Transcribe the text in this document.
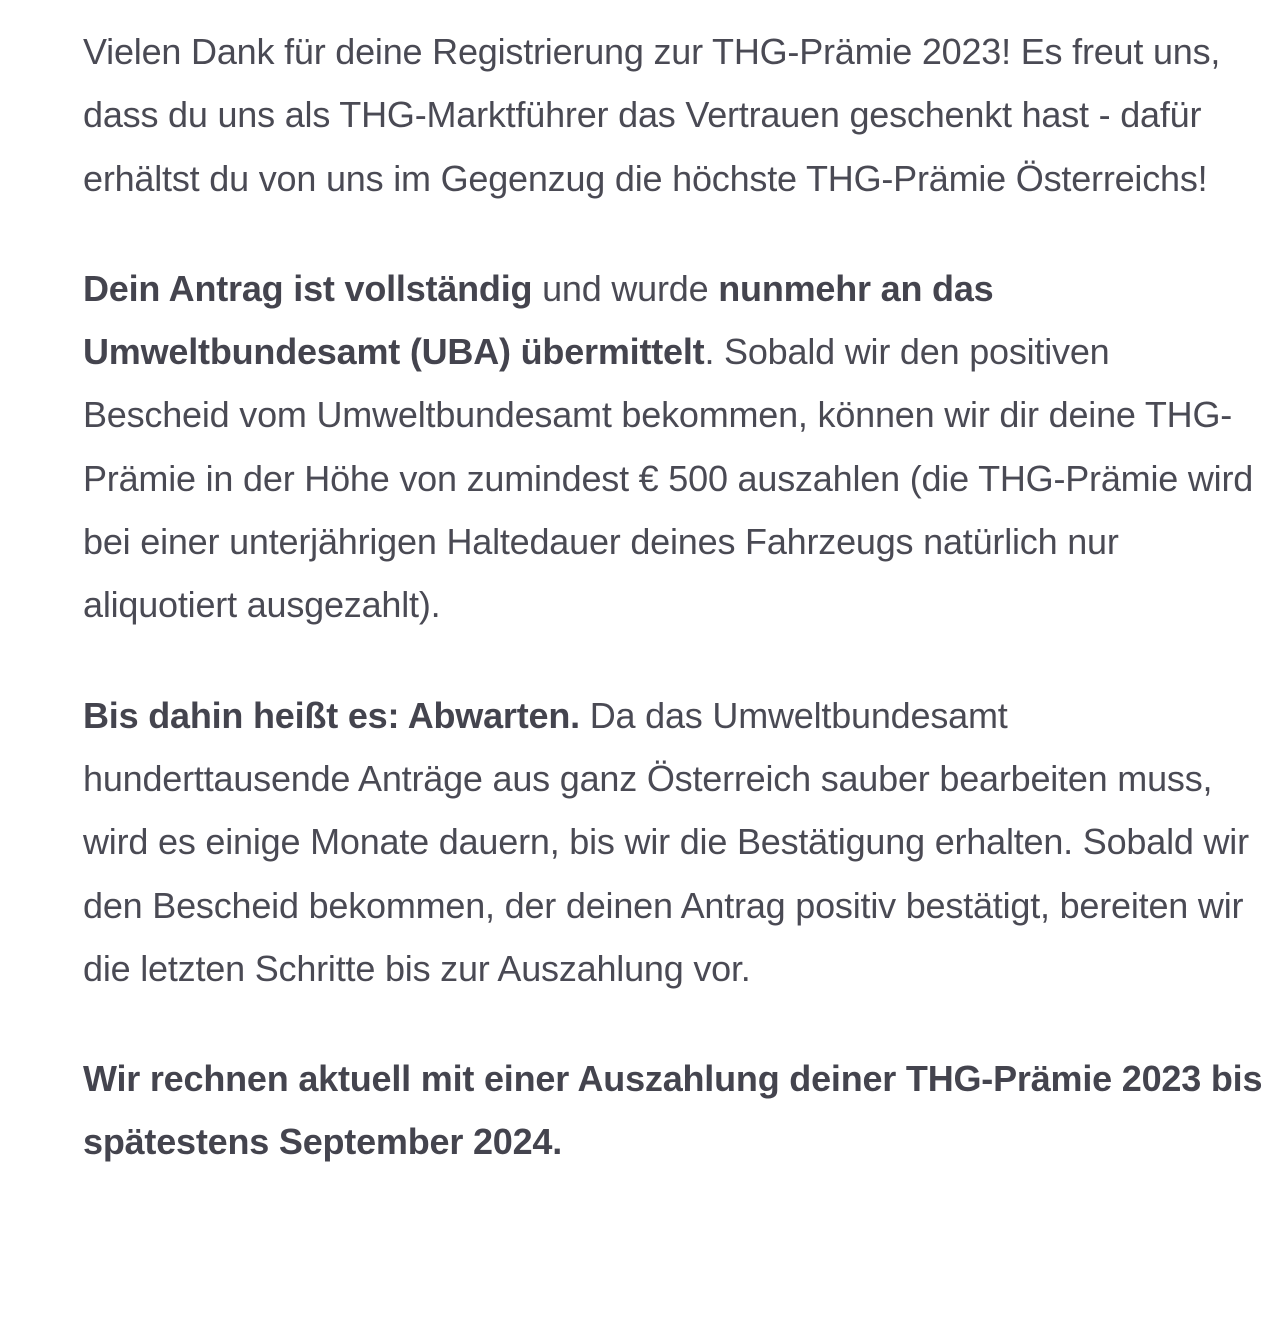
Vielen Dank für deine Registrierung zur THG-Prämie 2023! Es freut uns, dass du uns als THG-Marktführer das Vertrauen geschenkt hast - dafür erhältst du von uns im Gegenzug die höchste THG-Prämie Österreichs!

Dein Antrag ist vollständig und wurde nunmehr an das Umweltbundesamt (UBA) übermittelt. Sobald wir den positiven Bescheid vom Umweltbundesamt bekommen, können wir dir deine THG-Prämie in der Höhe von zumindest € 500 auszahlen (die THG-Prämie wird bei einer unterjährigen Haltedauer deines Fahrzeugs natürlich nur aliquotiert ausgezahlt).

Bis dahin heißt es: Abwarten. Da das Umweltbundesamt hunderttausende Anträge aus ganz Österreich sauber bearbeiten muss, wird es einige Monate dauern, bis wir die Bestätigung erhalten. Sobald wir den Bescheid bekommen, der deinen Antrag positiv bestätigt, bereiten wir die letzten Schritte bis zur Auszahlung vor.

Wir rechnen aktuell mit einer Auszahlung deiner THG-Prämie 2023 bis spätestens September 2024.
